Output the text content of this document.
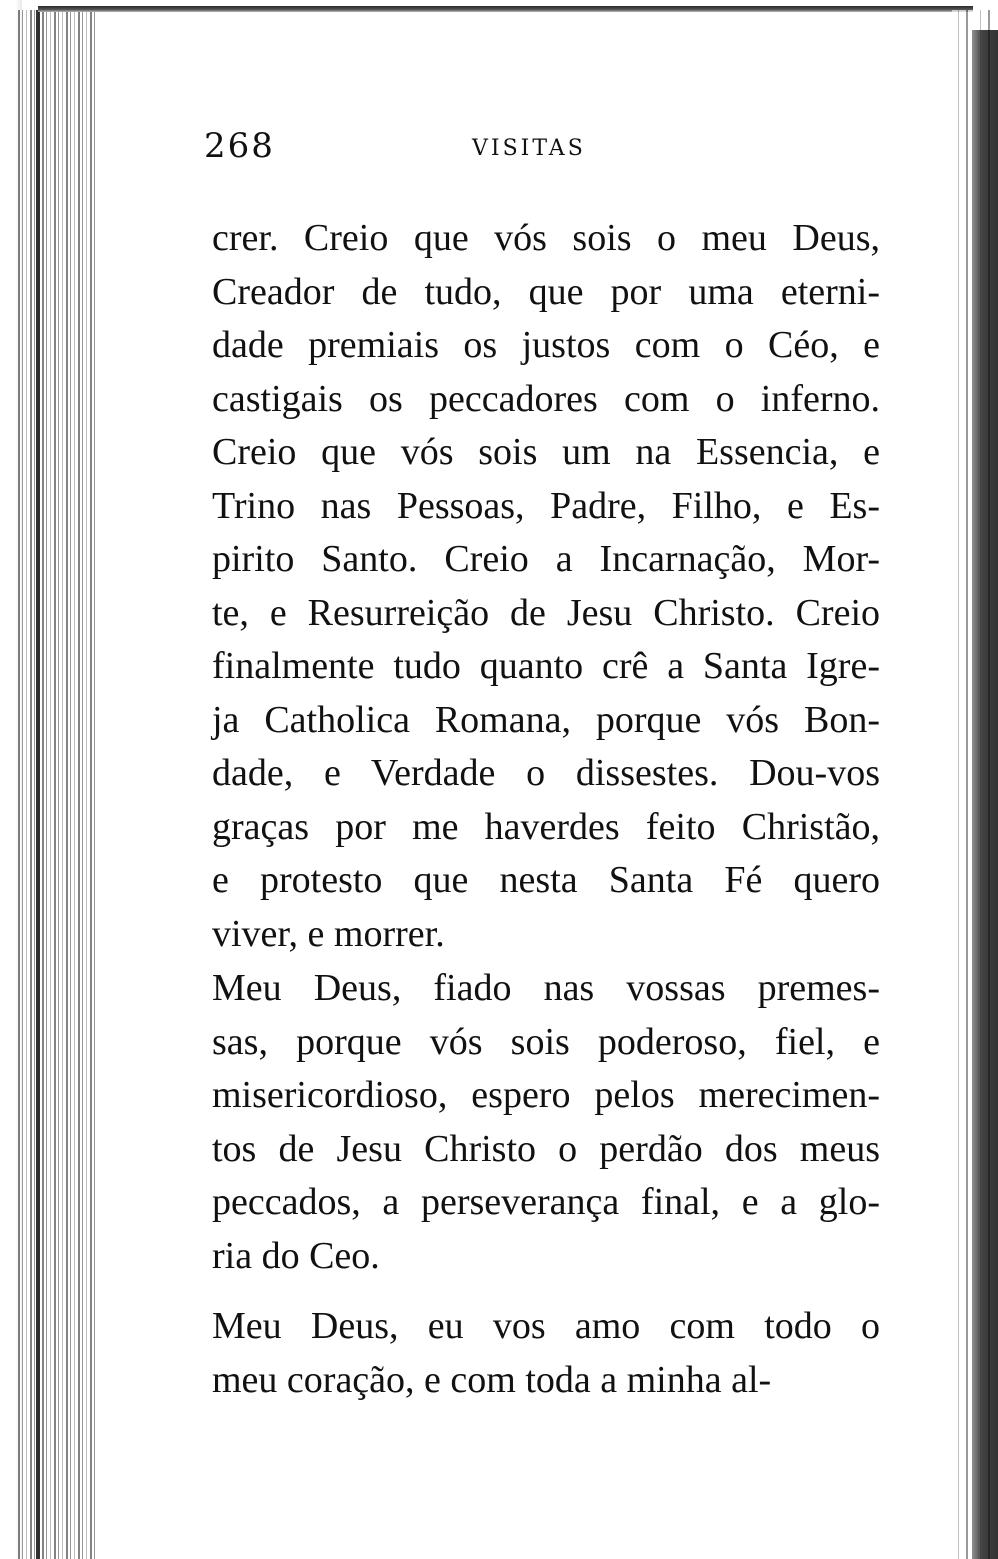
268	VISITAS

crer. Creio que vós sois o meu Deus,
Creador de tudo, que por uma eterni-
dade premiais os justos com o Céo, e
castigais os peccadores com o inferno.
Creio que vós sois um na Essencia, e
Trino nas Pessoas, Padre, Filho, e Es-
pirito Santo. Creio a Incarnação, Mor-
te, e Resurreição de Jesu Christo. Creio
finalmente tudo quanto crê a Santa Igre-
ja Catholica Romana, porque vós Bon-
dade, e Verdade o dissestes. Dou-vos
graças por me haverdes feito Christão,
e protesto que nesta Santa Fé quero
viver, e morrer.

Meu Deus, fiado nas vossas premes-
sas, porque vós sois poderoso, fiel, e
misericordioso, espero pelos merecimen-
tos de Jesu Christo o perdão dos meus
peccados, a perseverança final, e a glo-
ria do Ceo.

Meu Deus, eu vos amo com todo o
meu coração, e com toda a minha al-
